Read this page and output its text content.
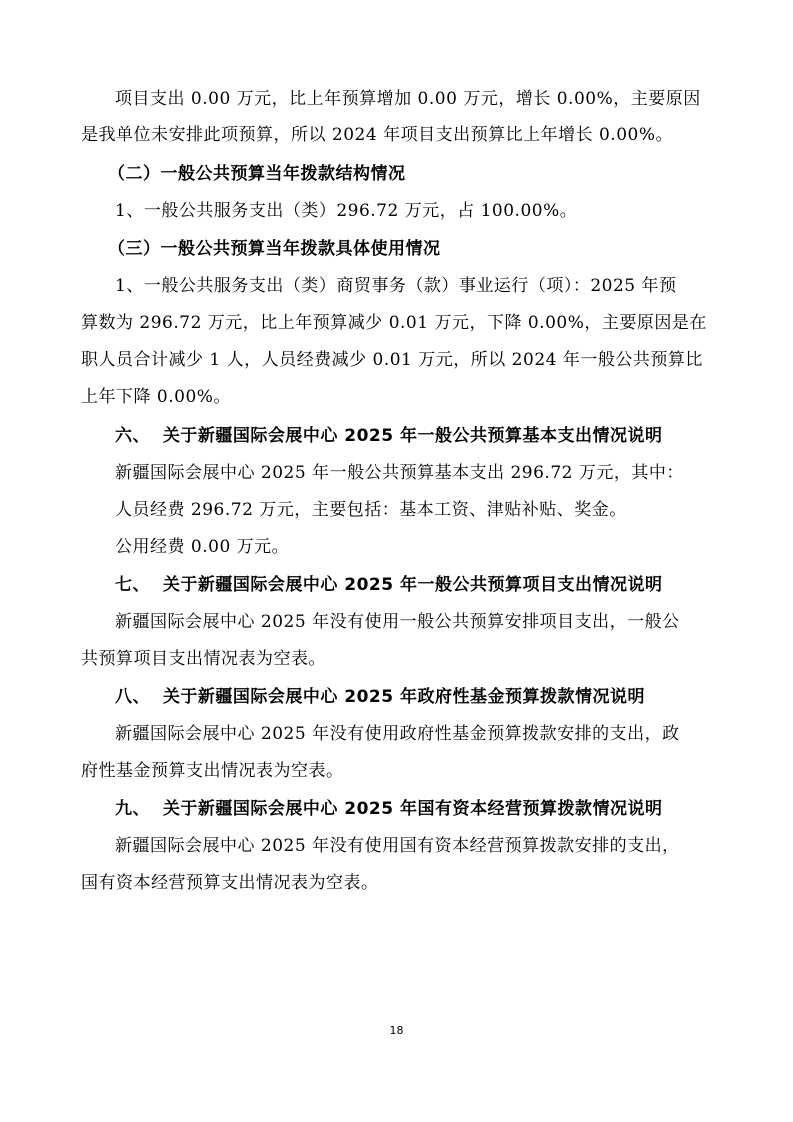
项目支出 0.00 万元，比上年预算增加 0.00 万元，增长 0.00%，主要原因
是我单位未安排此项预算，所以 2024 年项目支出预算比上年增长 0.00%。
（二）一般公共预算当年拨款结构情况
1、一般公共服务支出（类）296.72 万元，占 100.00%。
（三）一般公共预算当年拨款具体使用情况
1、一般公共服务支出（类）商贸事务（款）事业运行（项）：2025 年预
算数为 296.72 万元，比上年预算减少 0.01 万元，下降 0.00%，主要原因是在
职人员合计减少 1 人，人员经费减少 0.01 万元，所以 2024 年一般公共预算比
上年下降 0.00%。
六、  关于新疆国际会展中心 2025 年一般公共预算基本支出情况说明
新疆国际会展中心 2025 年一般公共预算基本支出 296.72 万元，其中：
人员经费 296.72 万元，主要包括：基本工资、津贴补贴、奖金。
公用经费 0.00 万元。
七、  关于新疆国际会展中心 2025 年一般公共预算项目支出情况说明
新疆国际会展中心 2025 年没有使用一般公共预算安排项目支出，一般公
共预算项目支出情况表为空表。
八、  关于新疆国际会展中心 2025 年政府性基金预算拨款情况说明
新疆国际会展中心 2025 年没有使用政府性基金预算拨款安排的支出，政
府性基金预算支出情况表为空表。
九、  关于新疆国际会展中心 2025 年国有资本经营预算拨款情况说明
新疆国际会展中心 2025 年没有使用国有资本经营预算拨款安排的支出，
国有资本经营预算支出情况表为空表。
18
